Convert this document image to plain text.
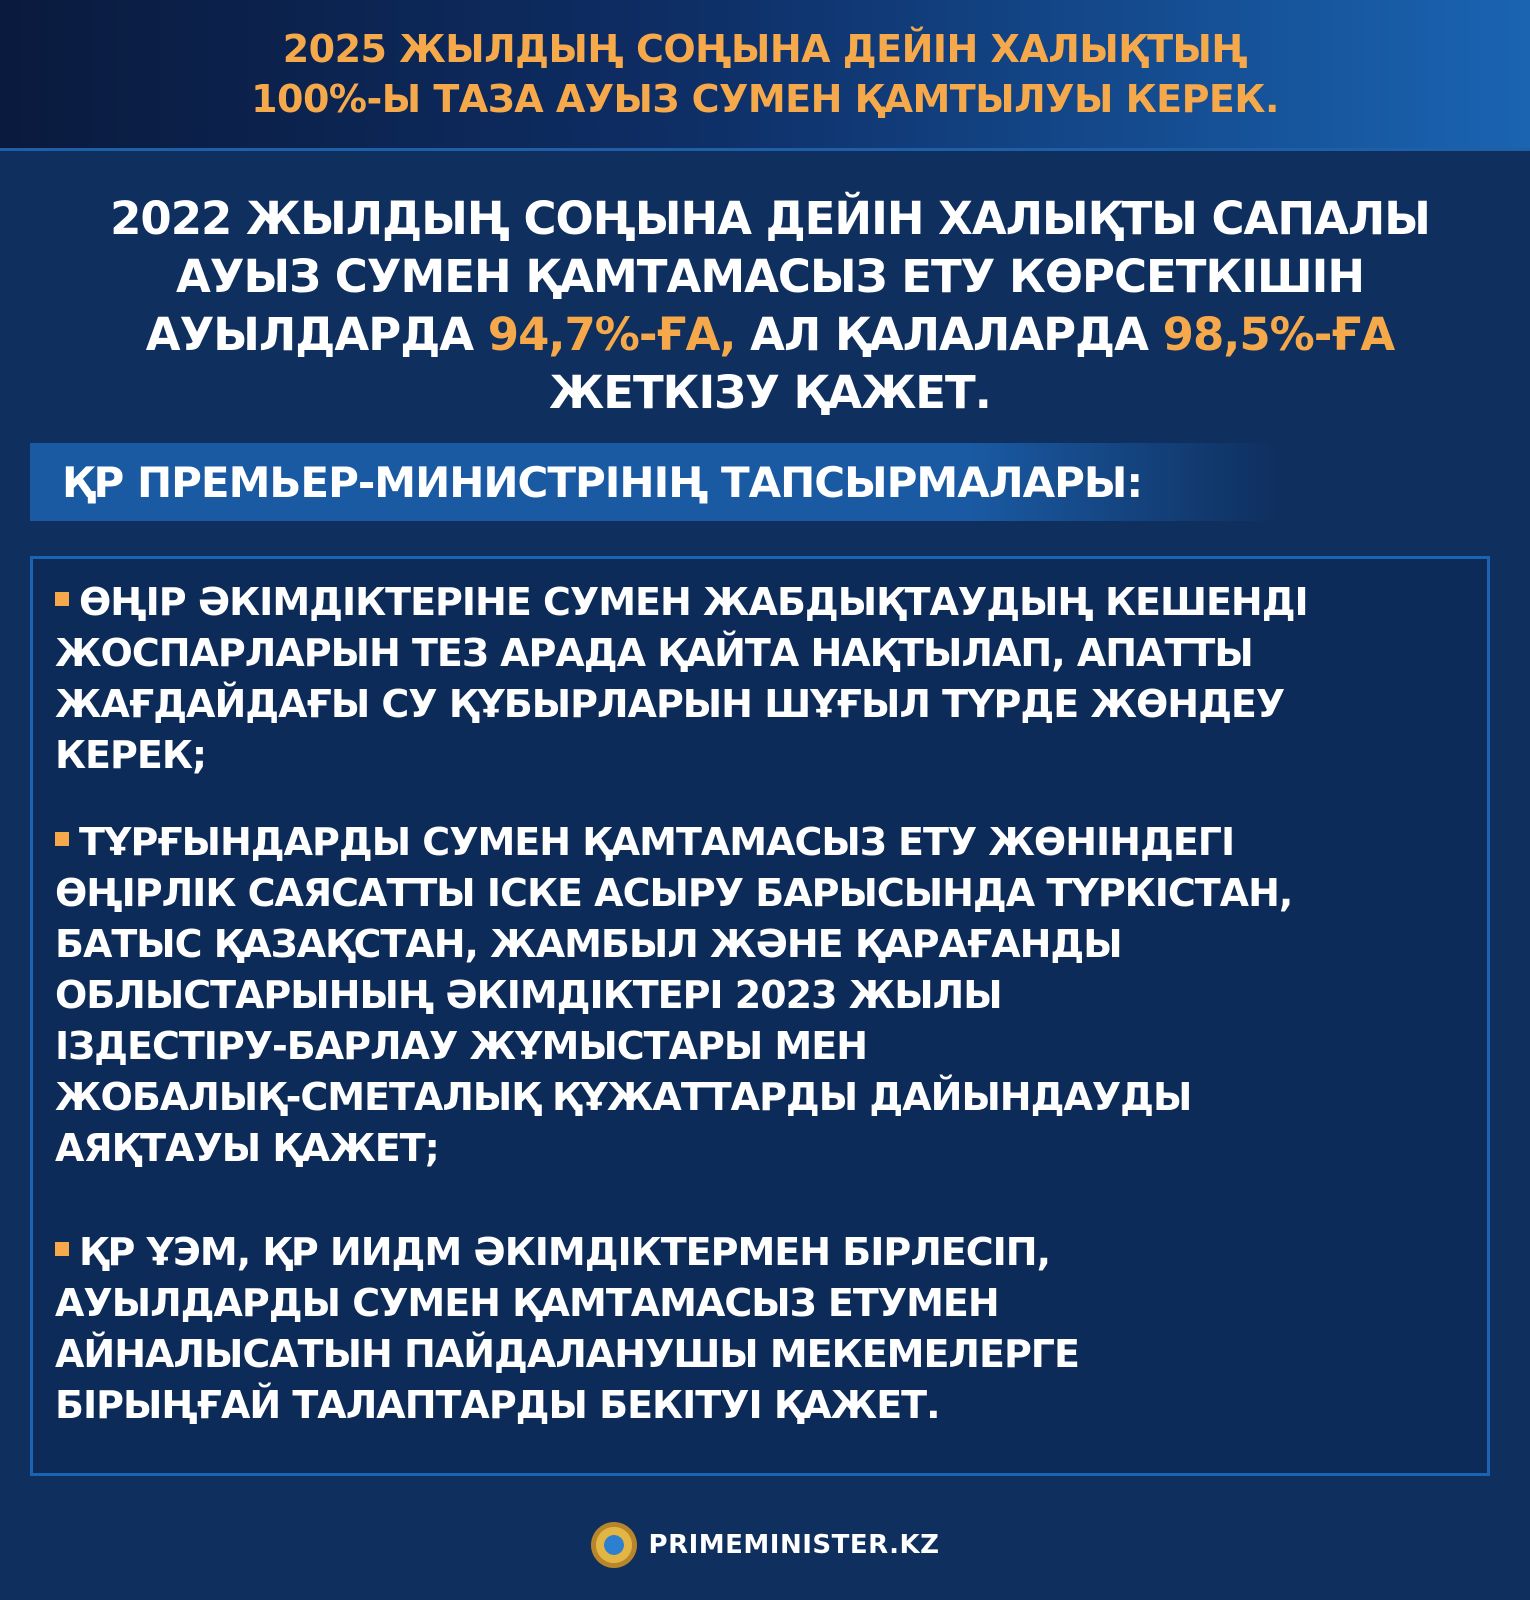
2025 ЖЫЛДЫҢ СОҢЫНА ДЕЙІН ХАЛЫҚТЫҢ
100%-Ы ТАЗА АУЫЗ СУМЕН ҚАМТЫЛУЫ КЕРЕК.
2022 ЖЫЛДЫҢ СОҢЫНА ДЕЙІН ХАЛЫҚТЫ САПАЛЫ
АУЫЗ СУМЕН ҚАМТАМАСЫЗ ЕТУ КӨРСЕТКІШІН
АУЫЛДАРДА 94,7%-ҒА, АЛ ҚАЛАЛАРДА 98,5%-ҒА
ЖЕТКІЗУ ҚАЖЕТ.
ҚР ПРЕМЬЕР-МИНИСТРІНІҢ ТАПСЫРМАЛАРЫ:
ӨҢІР ӘКІМДІКТЕРІНЕ СУМЕН ЖАБДЫҚТАУДЫҢ КЕШЕНДІ
ЖОСПАРЛАРЫН ТЕЗ АРАДА ҚАЙТА НАҚТЫЛАП, АПАТТЫ
ЖАҒДАЙДАҒЫ СУ ҚҰБЫРЛАРЫН ШҰҒЫЛ ТҮРДЕ ЖӨНДЕУ
КЕРЕК;
ТҰРҒЫНДАРДЫ СУМЕН ҚАМТАМАСЫЗ ЕТУ ЖӨНІНДЕГІ
ӨҢІРЛІК САЯСАТТЫ ІСКЕ АСЫРУ БАРЫСЫНДА ТҮРКІСТАН,
БАТЫС ҚАЗАҚСТАН, ЖАМБЫЛ ЖӘНЕ ҚАРАҒАНДЫ
ОБЛЫСТАРЫНЫҢ ӘКІМДІКТЕРІ 2023 ЖЫЛЫ
ІЗДЕСТІРУ-БАРЛАУ ЖҰМЫСТАРЫ МЕН
ЖОБАЛЫҚ-СМЕТАЛЫҚ ҚҰЖАТТАРДЫ ДАЙЫНДАУДЫ
АЯҚТАУЫ ҚАЖЕТ;
ҚР ҰЭМ, ҚР ИИДМ ӘКІМДІКТЕРМЕН БІРЛЕСІП,
АУЫЛДАРДЫ СУМЕН ҚАМТАМАСЫЗ ЕТУМЕН
АЙНАЛЫСАТЫН ПАЙДАЛАНУШЫ МЕКЕМЕЛЕРГЕ
БІРЫҢҒАЙ ТАЛАПТАРДЫ БЕКІТУІ ҚАЖЕТ.
PRIMEMINISTER.KZ
